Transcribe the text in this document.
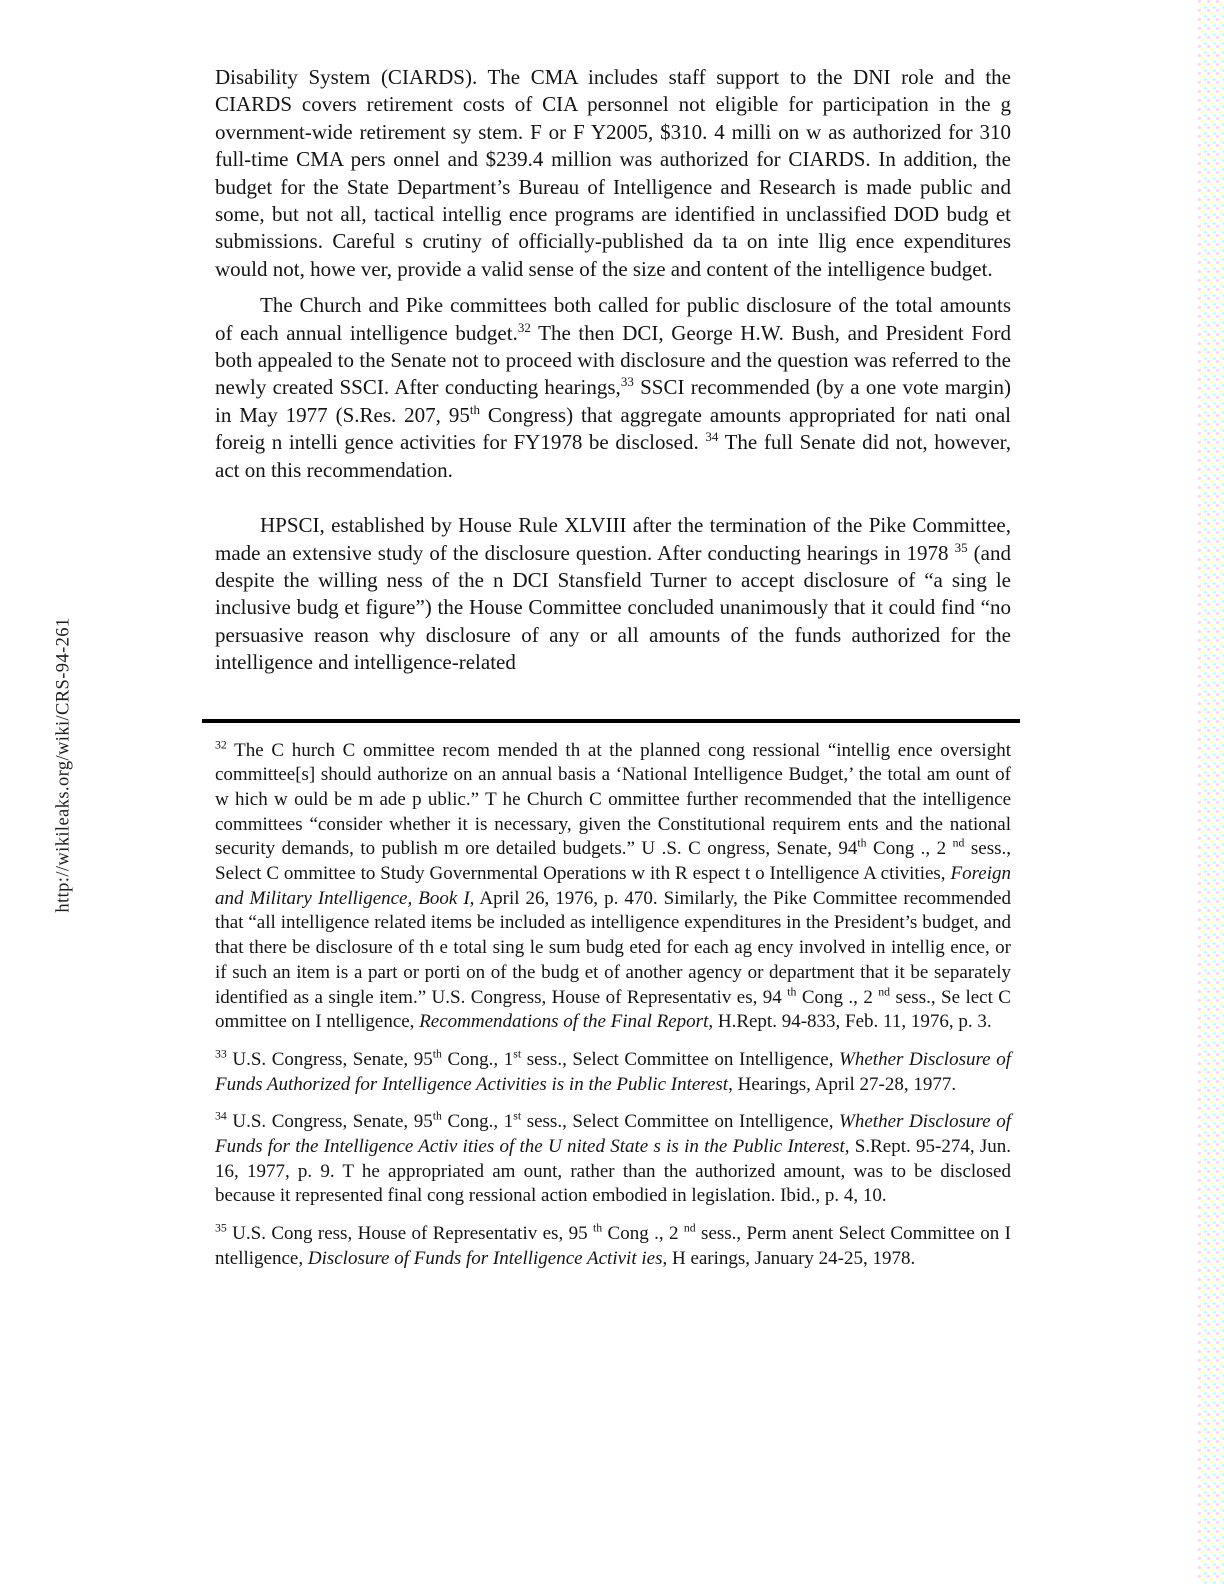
http://wikileaks.org/wiki/CRS-94-261

Disability System (CIARDS). The CMA includes staff support to the DNI role and the CIARDS covers retirement costs of CIA personnel not eligible for participation in the g overnment-wide retirement sy stem. F or F Y2005, $310. 4 milli on w as authorized for 310 full-time CMA pers onnel and $239.4 million was authorized for CIARDS. In addition, the budget for the State Department’s Bureau of Intelligence and Research is made public and some, but not all, tactical intellig ence programs are identified in unclassified DOD budg et submissions. Careful s crutiny of officially-published da ta on inte llig ence expenditures would not, howe ver, provide a valid sense of the size and content of the intelligence budget.

The Church and Pike committees both called for public disclosure of the total amounts of each annual intelligence budget.$^{32}$ The then DCI, George H.W. Bush, and President Ford both appealed to the Senate not to proceed with disclosure and the question was referred to the newly created SSCI. After conducting hearings,$^{33}$ SSCI recommended (by a one vote margin) in May 1977 (S.Res. 207, 95th Congress) that aggregate amounts appropriated for nati onal foreig n intelli gence activities for FY1978 be disclosed. $^{34}$ The full Senate did not, however, act on this recommendation.

HPSCI, established by House Rule XLVIII after the termination of the Pike Committee, made an extensive study of the disclosure question. After conducting hearings in 1978 $^{35}$ (and despite the willing ness of the n DCI Stansfield Turner to accept disclosure of “a sing le inclusive budg et figure”) the House Committee concluded unanimously that it could find “no persuasive reason why disclosure of any or all amounts of the funds authorized for the intelligence and intelligence-related

$^{32}$ The C hurch C ommittee recom mended th at the planned cong ressional “intellig ence oversight committee[s] should authorize on an annual basis a ‘National Intelligence Budget,’ the total am ount of w hich w ould be m ade p ublic.” T he Church C ommittee further recommended that the intelligence committees “consider whether it is necessary, given the Constitutional requirem ents and the national security demands, to publish m ore detailed budgets.” U .S. C ongress, Senate, 94th Cong ., 2 $^{nd}$ sess., Select C ommittee to Study Governmental Operations w ith R espect t o Intelligence A ctivities, Foreign and Military Intelligence, Book I, April 26, 1976, p. 470. Similarly, the Pike Committee recommended that “all intelligence related items be included as intelligence expenditures in the President’s budget, and that there be disclosure of th e total sing le sum budg eted for each ag ency involved in intellig ence, or if such an item is a part or porti on of the budg et of another agency or department that it be separately identified as a single item.” U.S. Congress, House of Representativ es, 94 $^{th}$ Cong ., 2 $^{nd}$ sess., Se lect C ommittee on I ntelligence, Recommendations of the Final Report, H.Rept. 94-833, Feb. 11, 1976, p. 3.

$^{33}$ U.S. Congress, Senate, 95th Cong., 1st sess., Select Committee on Intelligence, Whether Disclosure of Funds Authorized for Intelligence Activities is in the Public Interest, Hearings, April 27-28, 1977.

$^{34}$ U.S. Congress, Senate, 95th Cong., 1st sess., Select Committee on Intelligence, Whether Disclosure of Funds for the Intelligence Activ ities of the U nited State s is in the Public Interest, S.Rept. 95-274, Jun. 16, 1977, p. 9. T he appropriated am ount, rather than the authorized amount, was to be disclosed because it represented final cong ressional action embodied in legislation. Ibid., p. 4, 10.

$^{35}$ U.S. Cong ress, House of Representativ es, 95 $^{th}$ Cong ., 2 $^{nd}$ sess., Perm anent Select Committee on I ntelligence, Disclosure of Funds for Intelligence Activit ies, H earings, January 24-25, 1978.
